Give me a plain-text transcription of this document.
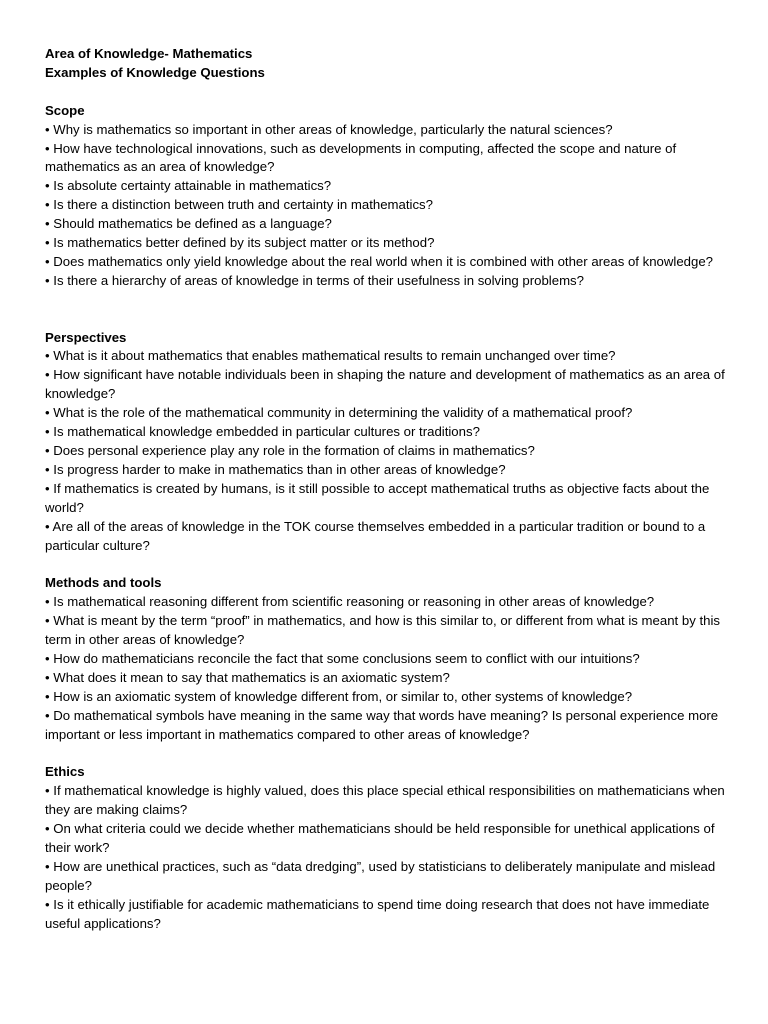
Area of Knowledge- Mathematics

Examples of Knowledge Questions

Scope

• Why is mathematics so important in other areas of knowledge, particularly the natural sciences?

• How have technological innovations, such as developments in computing, affected the scope and nature of mathematics as an area of knowledge?

• Is absolute certainty attainable in mathematics?

• Is there a distinction between truth and certainty in mathematics?

• Should mathematics be defined as a language?

• Is mathematics better defined by its subject matter or its method?

• Does mathematics only yield knowledge about the real world when it is combined with other areas of knowledge?

• Is there a hierarchy of areas of knowledge in terms of their usefulness in solving problems?

Perspectives

• What is it about mathematics that enables mathematical results to remain unchanged over time?

• How significant have notable individuals been in shaping the nature and development of mathematics as an area of knowledge?

• What is the role of the mathematical community in determining the validity of a mathematical proof?

• Is mathematical knowledge embedded in particular cultures or traditions?

• Does personal experience play any role in the formation of claims in mathematics?

• Is progress harder to make in mathematics than in other areas of knowledge?

• If mathematics is created by humans, is it still possible to accept mathematical truths as objective facts about the world?

• Are all of the areas of knowledge in the TOK course themselves embedded in a particular tradition or bound to a particular culture?

Methods and tools

• Is mathematical reasoning different from scientific reasoning or reasoning in other areas of knowledge?

• What is meant by the term “proof” in mathematics, and how is this similar to, or different from what is meant by this term in other areas of knowledge?

• How do mathematicians reconcile the fact that some conclusions seem to conflict with our intuitions?

• What does it mean to say that mathematics is an axiomatic system?

• How is an axiomatic system of knowledge different from, or similar to, other systems of knowledge?

• Do mathematical symbols have meaning in the same way that words have meaning? Is personal experience more important or less important in mathematics compared to other areas of knowledge?

Ethics

• If mathematical knowledge is highly valued, does this place special ethical responsibilities on mathematicians when they are making claims?

• On what criteria could we decide whether mathematicians should be held responsible for unethical applications of their work?

• How are unethical practices, such as “data dredging”, used by statisticians to deliberately manipulate and mislead people?

• Is it ethically justifiable for academic mathematicians to spend time doing research that does not have immediate useful applications?
